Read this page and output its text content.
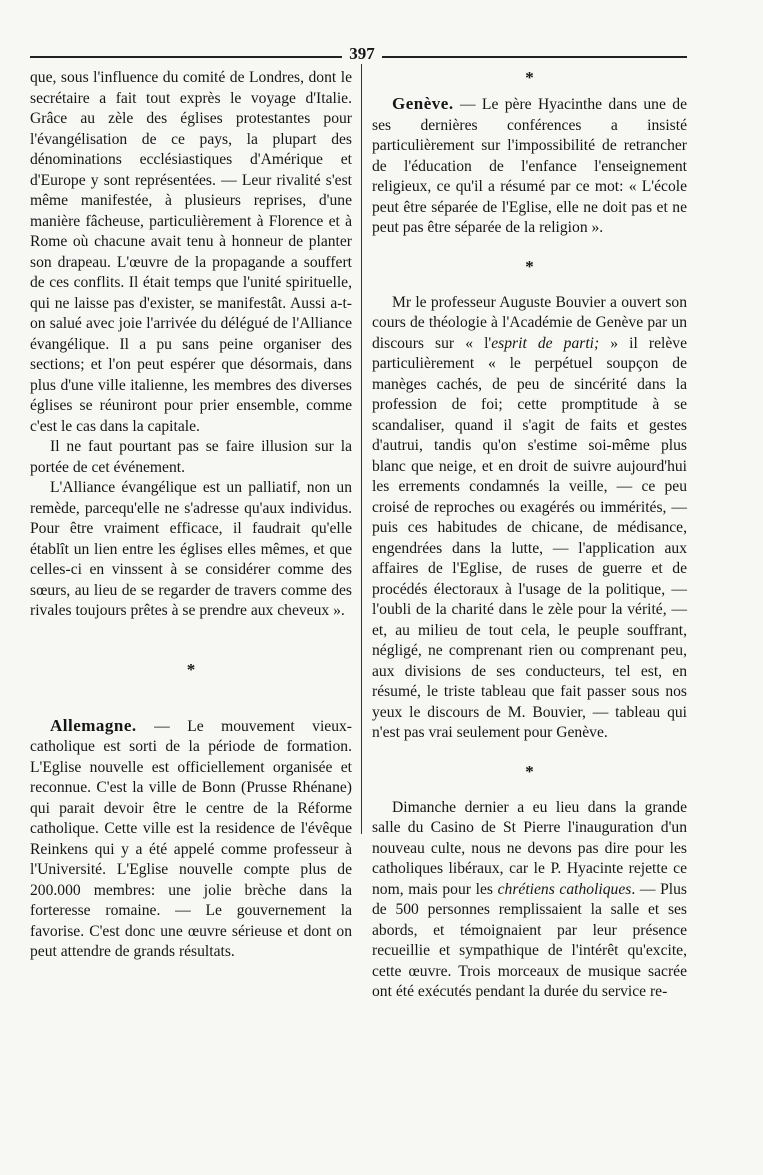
397

que, sous l'influence du comité de Londres, dont le secrétaire a fait tout exprès le voyage d'Italie. Grâce au zèle des églises protestantes pour l'évangélisation de ce pays, la plupart des dénominations ecclésiastiques d'Amérique et d'Europe y sont représentées. — Leur rivalité s'est même manifestée, à plusieurs reprises, d'une manière fâcheuse, particulièrement à Florence et à Rome où chacune avait tenu à honneur de planter son drapeau. L'œuvre de la propagande a souffert de ces conflits. Il était temps que l'unité spirituelle, qui ne laisse pas d'exister, se manifestât. Aussi a-t-on salué avec joie l'arrivée du délégué de l'Alliance évangélique. Il a pu sans peine organiser des sections; et l'on peut espérer que désormais, dans plus d'une ville italienne, les membres des diverses églises se réuniront pour prier ensemble, comme c'est le cas dans la capitale.

Il ne faut pourtant pas se faire illusion sur la portée de cet événement.

L'Alliance évangélique est un palliatif, non un remède, parcequ'elle ne s'adresse qu'aux individus. Pour être vraiment efficace, il faudrait qu'elle établît un lien entre les églises elles mêmes, et que celles-ci en vinssent à se considérer comme des sœurs, au lieu de se regarder de travers comme des rivales toujours prêtes à se prendre aux cheveux ».

*

Allemagne. — Le mouvement vieux-catholique est sorti de la période de formation. L'Eglise nouvelle est officiellement organisée et reconnue. C'est la ville de Bonn (Prusse Rhénane) qui parait devoir être le centre de la Réforme catholique. Cette ville est la residence de l'évêque Reinkens qui y a été appelé comme professeur à l'Université. L'Eglise nouvelle compte plus de 200.000 membres: une jolie brèche dans la forteresse romaine. — Le gouvernement la favorise. C'est donc une œuvre sérieuse et dont on peut attendre de grands résultats.

*

Genève. — Le père Hyacinthe dans une de ses dernières conférences a insisté particulièrement sur l'impossibilité de retrancher de l'éducation de l'enfance l'enseignement religieux, ce qu'il a résumé par ce mot: « L'école peut être séparée de l'Eglise, elle ne doit pas et ne peut pas être séparée de la religion ».

*

Mr le professeur Auguste Bouvier a ouvert son cours de théologie à l'Académie de Genève par un discours sur « l'esprit de parti; » il relève particulièrement « le perpétuel soupçon de manèges cachés, de peu de sincérité dans la profession de foi; cette promptitude à se scandaliser, quand il s'agit de faits et gestes d'autrui, tandis qu'on s'estime soi-même plus blanc que neige, et en droit de suivre aujourd'hui les errements condamnés la veille, — ce peu croisé de reproches ou exagérés ou immérités, — puis ces habitudes de chicane, de médisance, engendrées dans la lutte, — l'application aux affaires de l'Eglise, de ruses de guerre et de procédés électoraux à l'usage de la politique, — l'oubli de la charité dans le zèle pour la vérité, — et, au milieu de tout cela, le peuple souffrant, négligé, ne comprenant rien ou comprenant peu, aux divisions de ses conducteurs, tel est, en résumé, le triste tableau que fait passer sous nos yeux le discours de M. Bouvier, — tableau qui n'est pas vrai seulement pour Genève.

*

Dimanche dernier a eu lieu dans la grande salle du Casino de St Pierre l'inauguration d'un nouveau culte, nous ne devons pas dire pour les catholiques libéraux, car le P. Hyacinte rejette ce nom, mais pour les chrétiens catholiques. — Plus de 500 personnes remplissaient la salle et ses abords, et témoignaient par leur présence recueillie et sympathique de l'intérêt qu'excite, cette œuvre. Trois morceaux de musique sacrée ont été exécutés pendant la durée du service re-
